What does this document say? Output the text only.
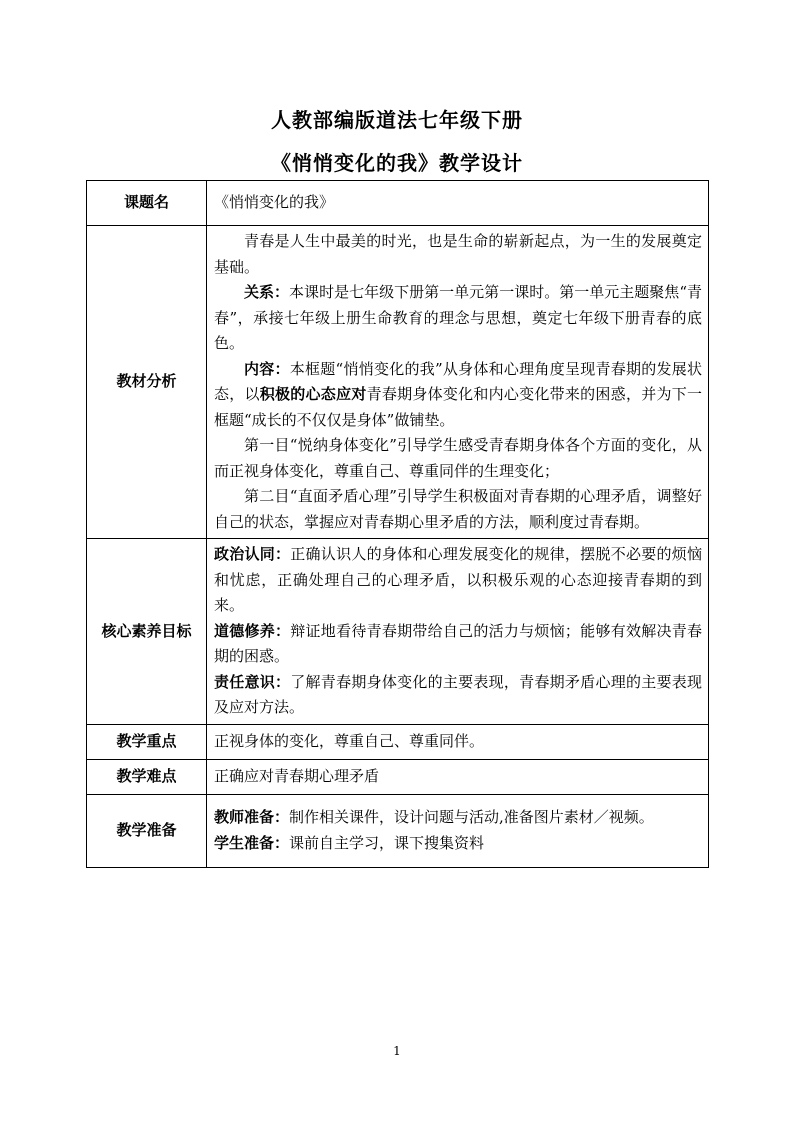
人教部编版道法七年级下册
《悄悄变化的我》教学设计
课题名	《悄悄变化的我》
教材分析	青春是人生中最美的时光，也是生命的崭新起点，为一生的发展奠定基础。

关系：本课时是七年级下册第一单元第一课时。第一单元主题聚焦“青春”，承接七年级上册生命教育的理念与思想，奠定七年级下册青春的底色。

内容：本框题“悄悄变化的我”从身体和心理角度呈现青春期的发展状态，以积极的心态应对青春期身体变化和内心变化带来的困惑，并为下一框题“成长的不仅仅是身体”做铺垫。

第一目“悦纳身体变化”引导学生感受青春期身体各个方面的变化，从而正视身体变化，尊重自己、尊重同伴的生理变化；

第二目“直面矛盾心理”引导学生积极面对青春期的心理矛盾，调整好自己的状态，掌握应对青春期心里矛盾的方法，顺利度过青春期。

核心素养目标	政治认同：正确认识人的身体和心理发展变化的规律，摆脱不必要的烦恼和忧虑，正确处理自己的心理矛盾，以积极乐观的心态迎接青春期的到来。

道德修养：辩证地看待青春期带给自己的活力与烦恼；能够有效解决青春期的困惑。

责任意识：了解青春期身体变化的主要表现，青春期矛盾心理的主要表现及应对方法。

教学重点	正视身体的变化，尊重自己、尊重同伴。
教学难点	正确应对青春期心理矛盾
教学准备	教师准备：制作相关课件，设计问题与活动,准备图片素材／视频。

学生准备：课前自主学习，课下搜集资料

1
